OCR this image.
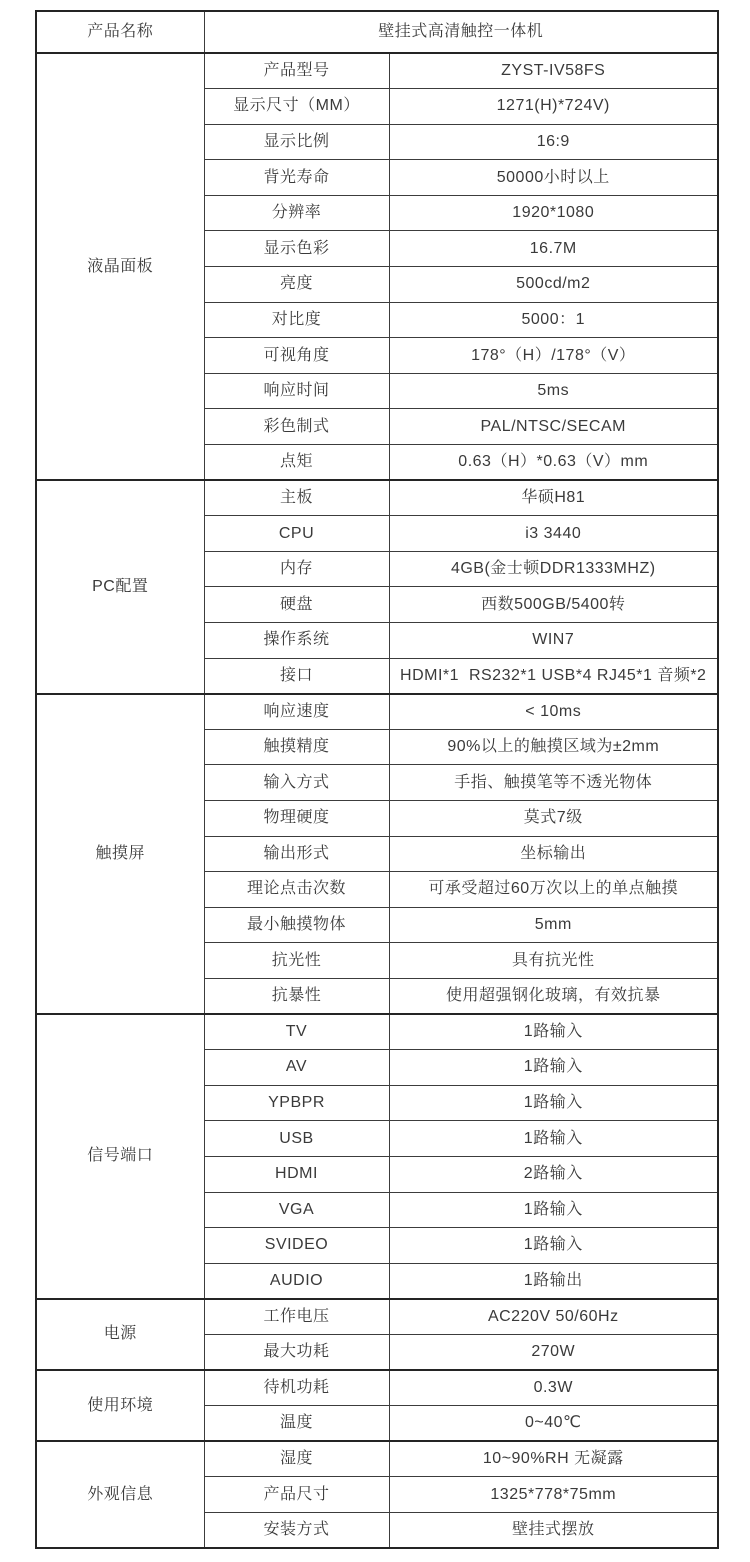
产品名称	壁挂式高清触控一体机	
液晶面板	产品型号	ZYST-IV58FS
	显示尺寸（MM）	1271(H)*724V)
	显示比例	16:9
	背光寿命	50000小时以上
	分辨率	1920*1080
	显示色彩	16.7M
	亮度	500cd/m2
	对比度	5000：1
	可视角度	178°（H）/178°（V）
	响应时间	5ms
	彩色制式	PAL/NTSC/SECAM
	点矩	0.63（H）*0.63（V）mm
PC配置	主板	华硕H81
	CPU	i3 3440
	内存	4GB(金士顿DDR1333MHZ)
	硬盘	西数500GB/5400转
	操作系统	WIN7
	接口	HDMI*1  RS232*1 USB*4 RJ45*1 音频*2
触摸屏	响应速度	< 10ms
	触摸精度	90%以上的触摸区域为±2mm
	输入方式	手指、触摸笔等不透光物体
	物理硬度	莫式7级
	输出形式	坐标输出
	理论点击次数	可承受超过60万次以上的单点触摸
	最小触摸物体	5mm
	抗光性	具有抗光性
	抗暴性	使用超强钢化玻璃，有效抗暴
信号端口	TV	1路输入
	AV	1路输入
	YPBPR	1路输入
	USB	1路输入
	HDMI	2路输入
	VGA	1路输入
	SVIDEO	1路输入
	AUDIO	1路输出
电源	工作电压	AC220V 50/60Hz
	最大功耗	270W
使用环境	待机功耗	0.3W
	温度	0~40℃
外观信息	湿度	10~90%RH 无凝露
	产品尺寸	1325*778*75mm
	安装方式	壁挂式摆放
